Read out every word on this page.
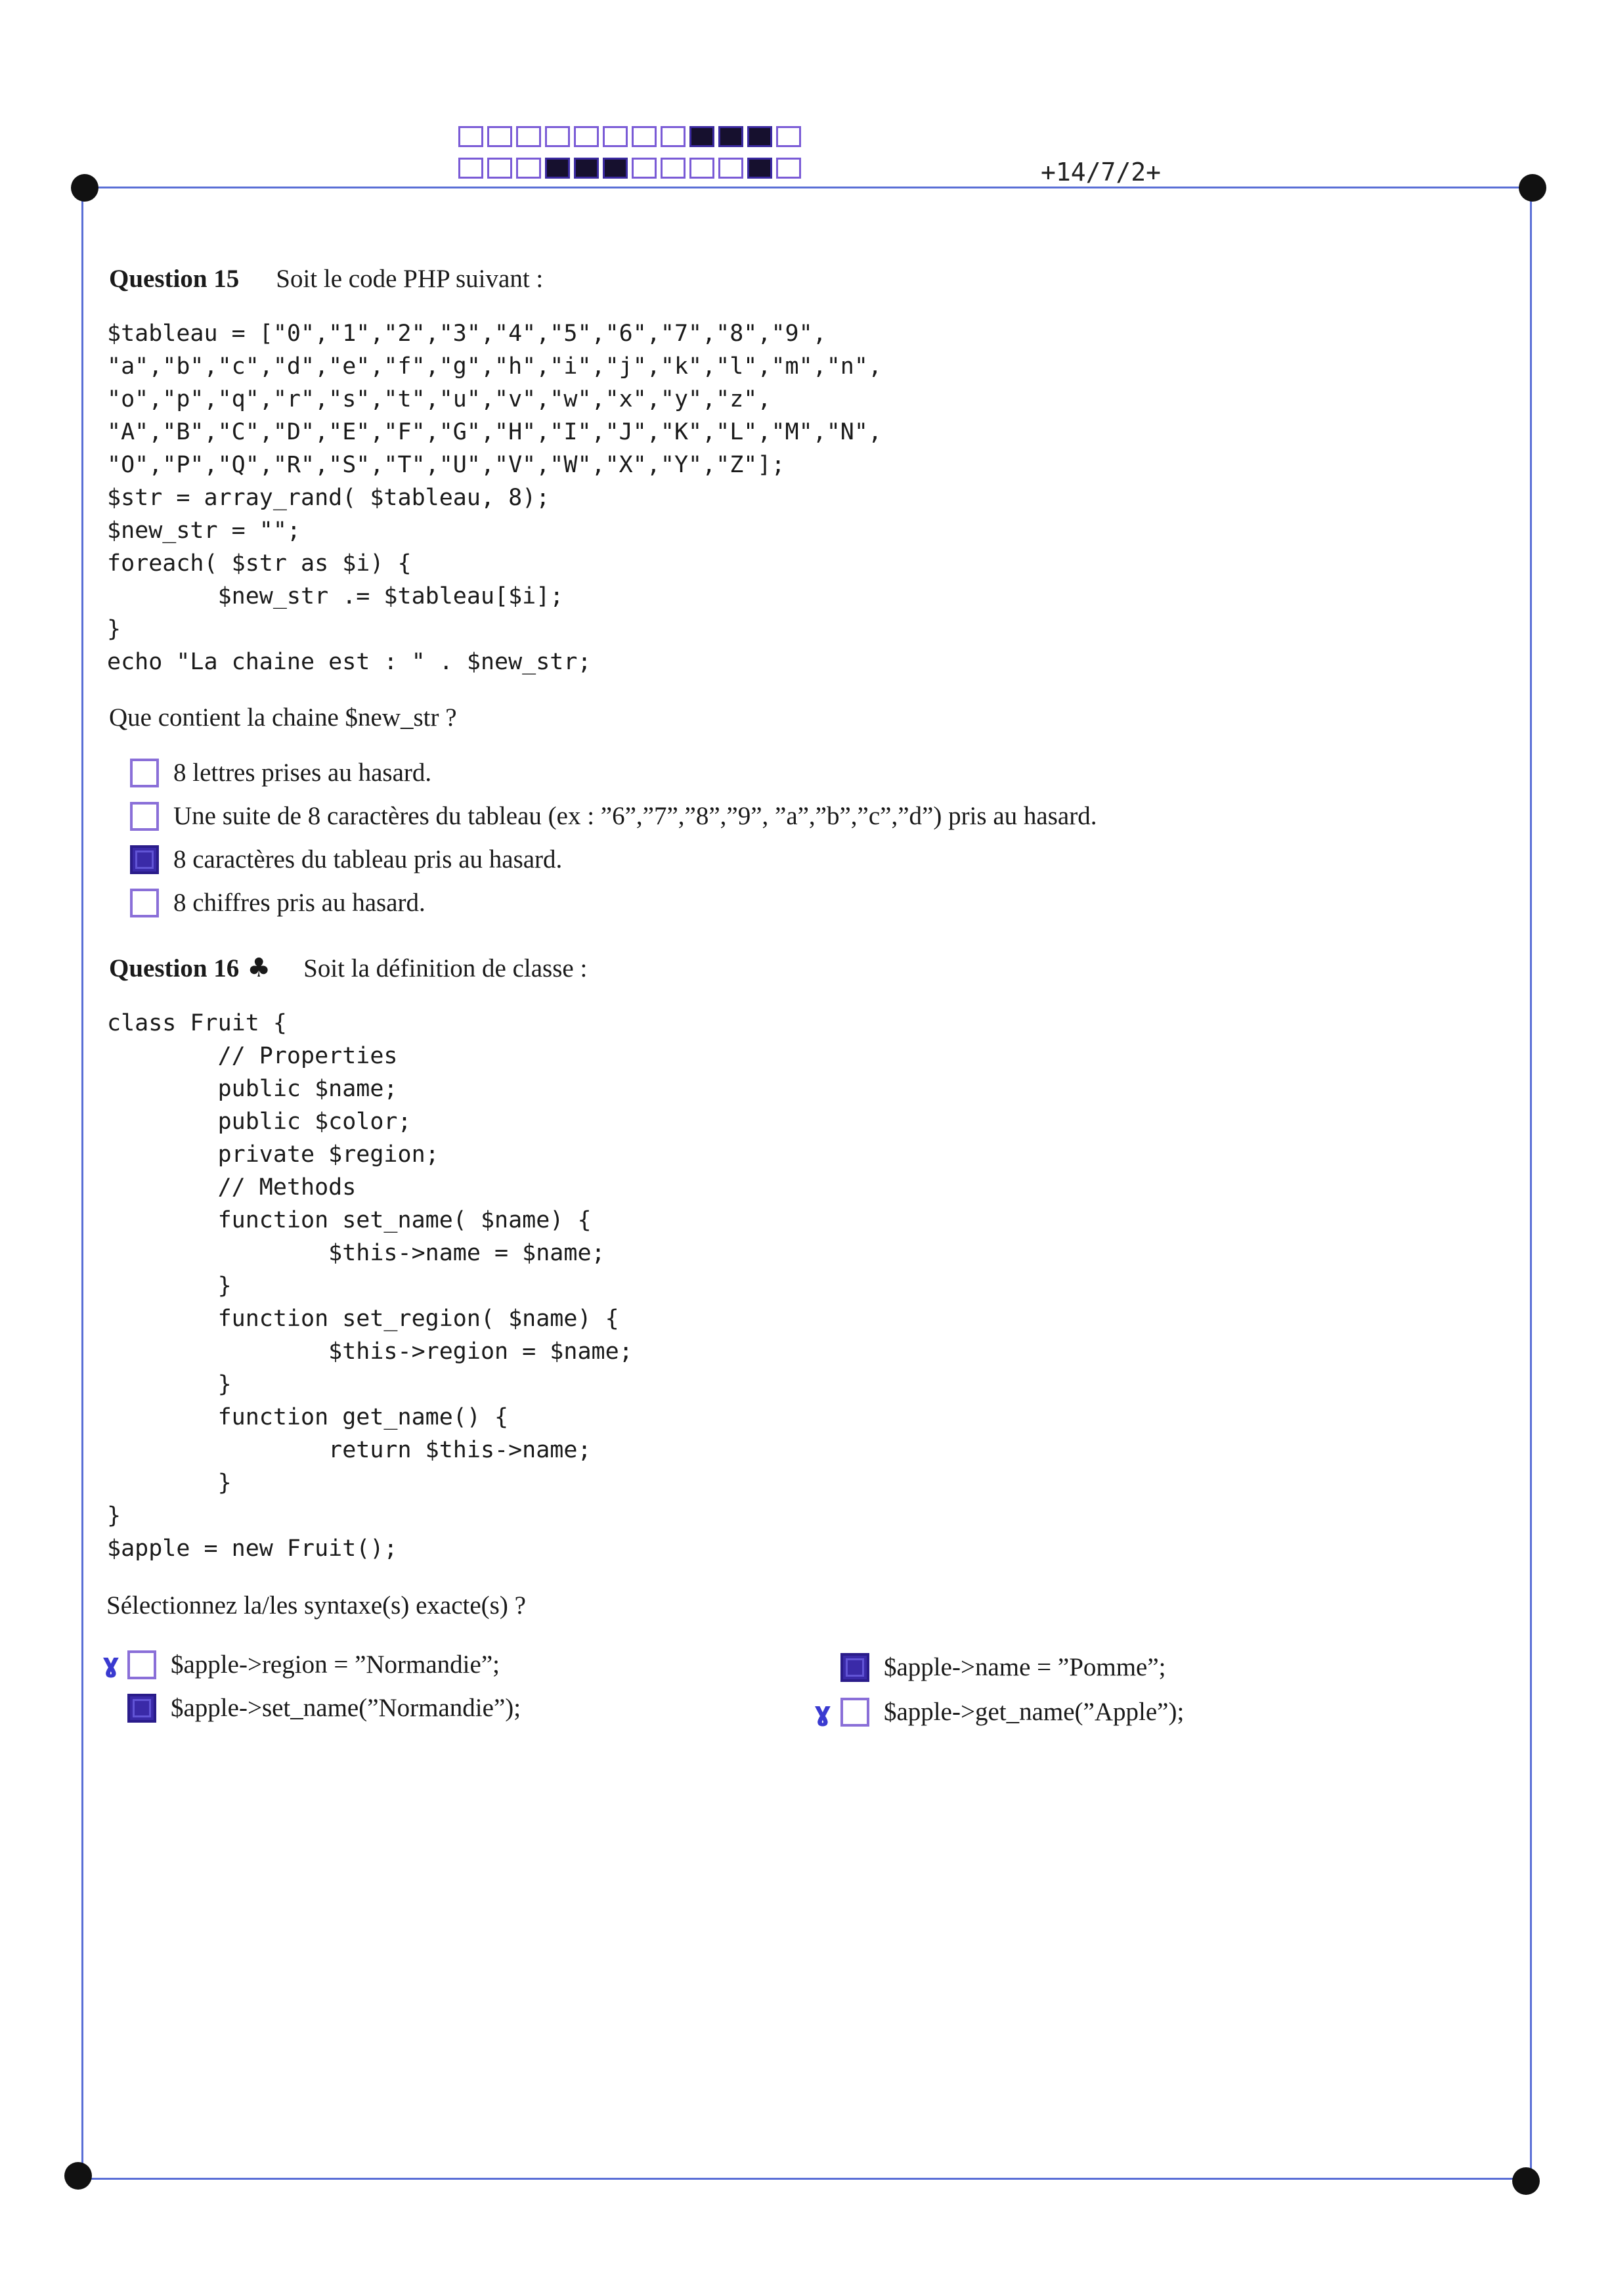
+14/7/2+
Question 15 Soit le code PHP suivant :
$tableau = ["0","1","2","3","4","5","6","7","8","9",
"a","b","c","d","e","f","g","h","i","j","k","l","m","n",
"o","p","q","r","s","t","u","v","w","x","y","z",
"A","B","C","D","E","F","G","H","I","J","K","L","M","N",
"O","P","Q","R","S","T","U","V","W","X","Y","Z"];
$str = array_rand( $tableau, 8);
$new_str = "";
foreach( $str as $i) {
$new_str .= $tableau[$i];
}
echo "La chaine est : " . $new_str;
Que contient la chaine $new_str ?
8 lettres prises au hasard.
Une suite de 8 caractères du tableau (ex : ”6”,”7”,”8”,”9”, ”a”,”b”,”c”,”d”) pris au hasard.
8 caractères du tableau pris au hasard.
8 chiffres pris au hasard.
Question 16 ♣ Soit la définition de classe :
class Fruit {
// Properties
public $name;
public $color;
private $region;
// Methods
function set_name( $name) {
$this->name = $name;
}
function set_region( $name) {
$this->region = $name;
}
function get_name() {
return $this->name;
}
}
$apple = new Fruit();
Sélectionnez la/les syntaxe(s) exacte(s) ?
ɣ $apple->region = ”Normandie”;	$apple->name = ”Pomme”;
$apple->set_name(”Normandie”);	ɣ $apple->get_name(”Apple”);
